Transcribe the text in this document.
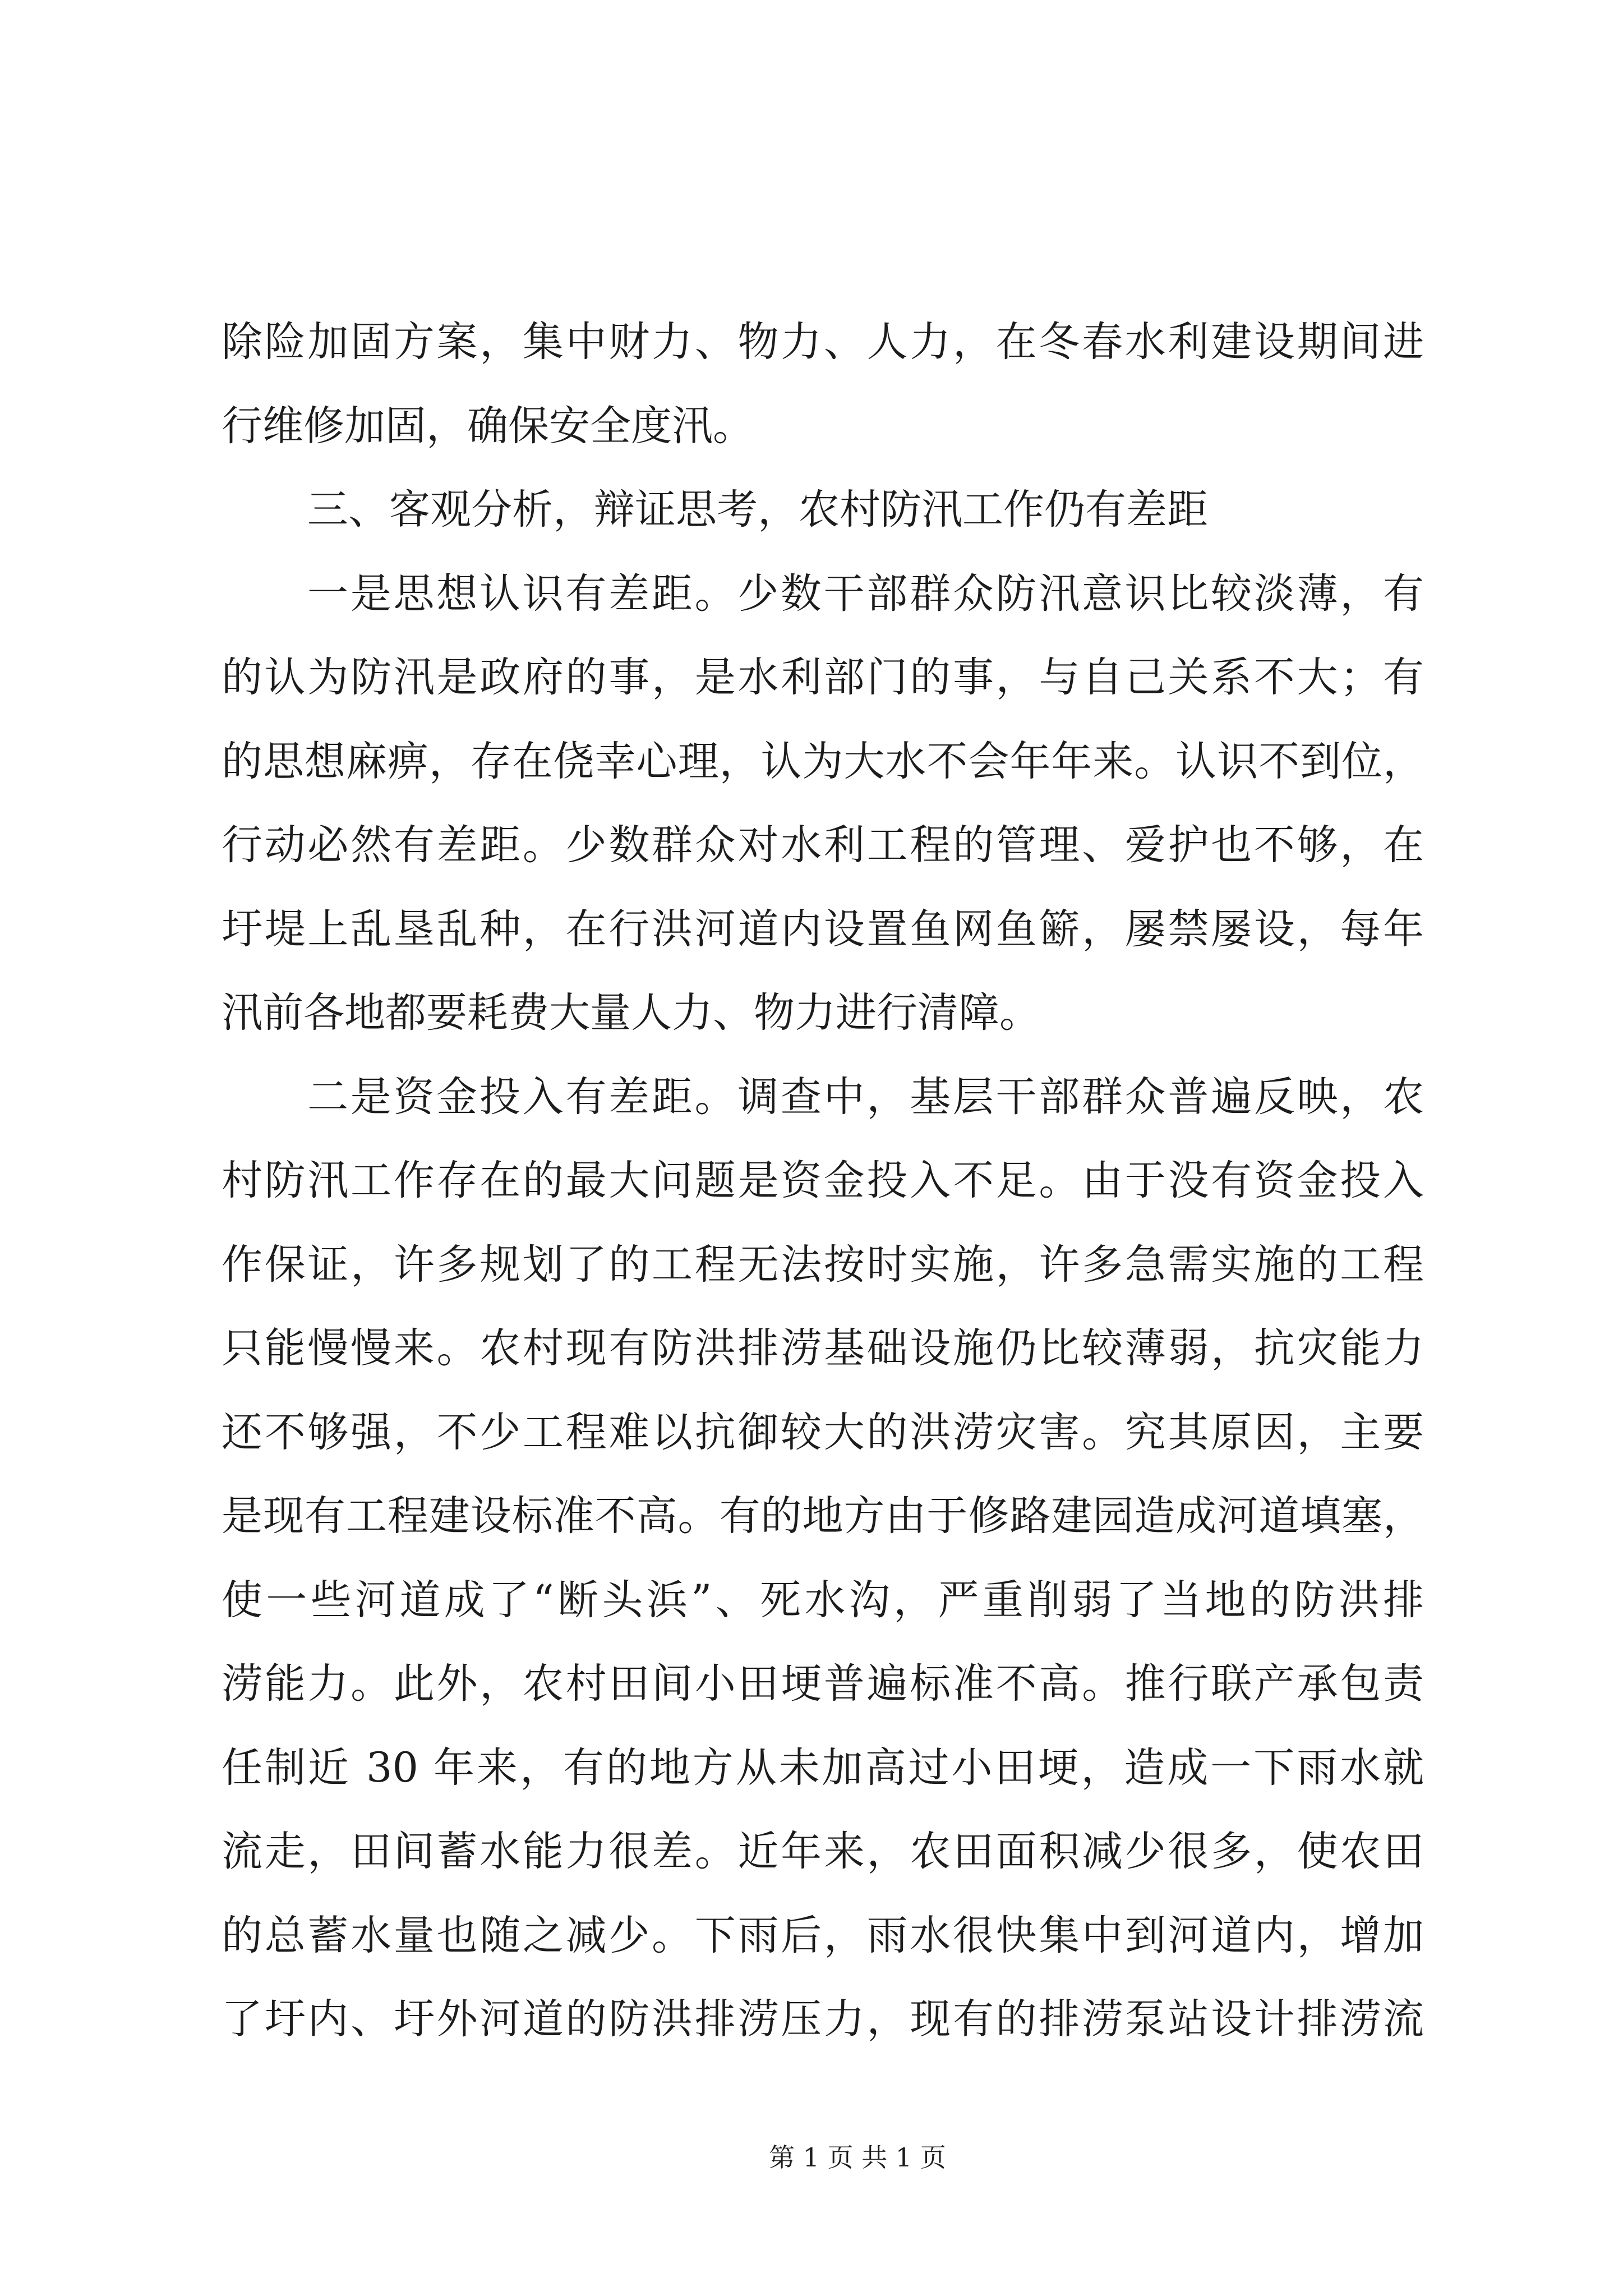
除险加固方案，集中财力、物力、人力，在冬春水利建设期间进
行维修加固，确保安全度汛。
三、客观分析，辩证思考，农村防汛工作仍有差距
一是思想认识有差距。少数干部群众防汛意识比较淡薄，有
的认为防汛是政府的事，是水利部门的事，与自己关系不大；有
的思想麻痹，存在侥幸心理，认为大水不会年年来。认识不到位，
行动必然有差距。少数群众对水利工程的管理、爱护也不够，在
圩堤上乱垦乱种，在行洪河道内设置鱼网鱼簖，屡禁屡设，每年
汛前各地都要耗费大量人力、物力进行清障。
二是资金投入有差距。调查中，基层干部群众普遍反映，农
村防汛工作存在的最大问题是资金投入不足。由于没有资金投入
作保证，许多规划了的工程无法按时实施，许多急需实施的工程
只能慢慢来。农村现有防洪排涝基础设施仍比较薄弱，抗灾能力
还不够强，不少工程难以抗御较大的洪涝灾害。究其原因，主要
是现有工程建设标准不高。有的地方由于修路建园造成河道填塞，
使一些河道成了“断头浜”、死水沟，严重削弱了当地的防洪排
涝能力。此外，农村田间小田埂普遍标准不高。推行联产承包责
任制近 30 年来，有的地方从未加高过小田埂，造成一下雨水就
流走，田间蓄水能力很差。近年来，农田面积减少很多，使农田
的总蓄水量也随之减少。下雨后，雨水很快集中到河道内，增加
了圩内、圩外河道的防洪排涝压力，现有的排涝泵站设计排涝流
第 1 页 共 1 页
